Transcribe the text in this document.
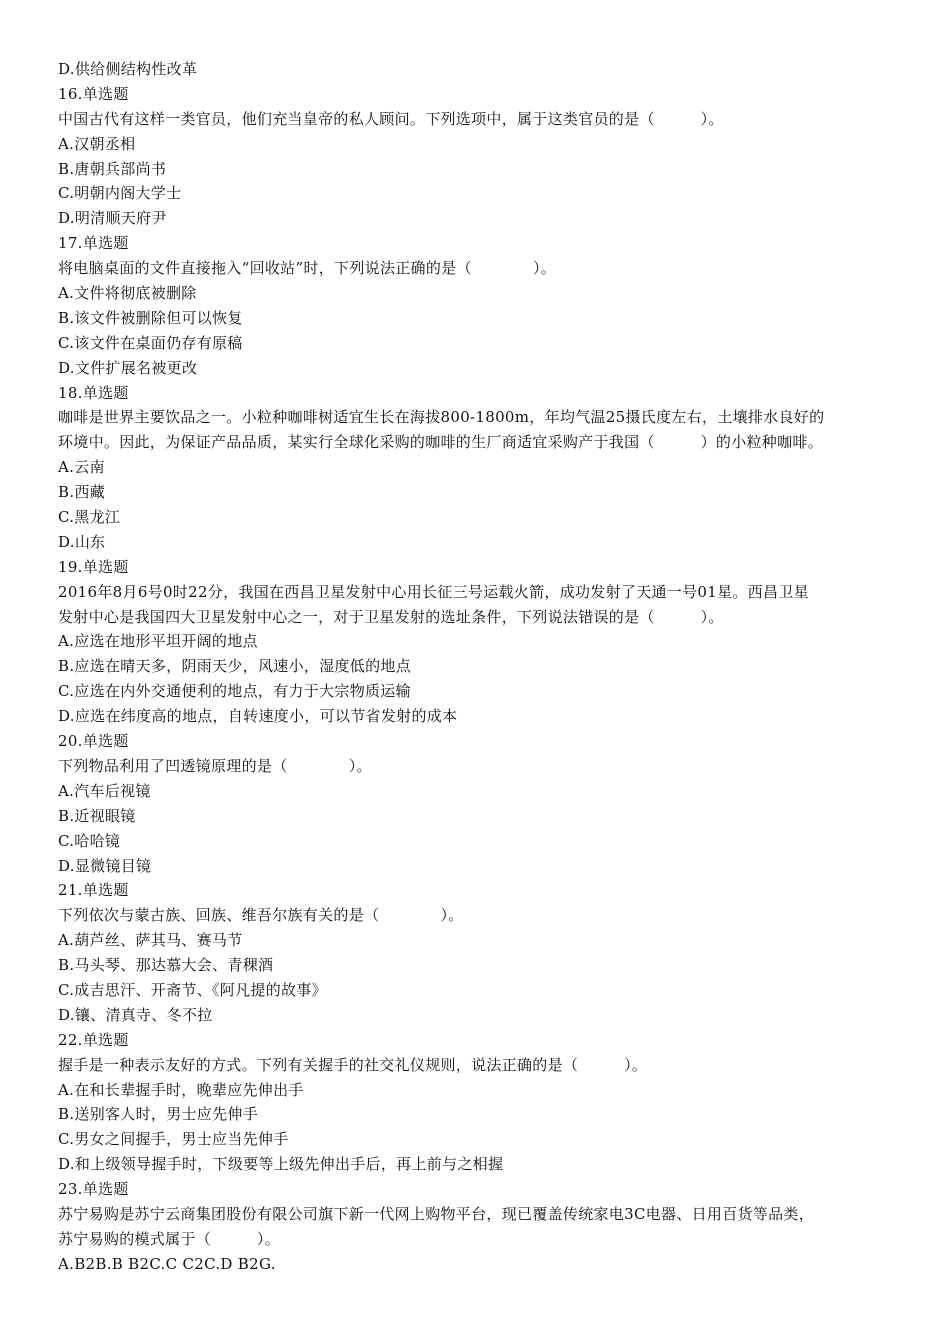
D.供给侧结构性改革
16.单选题
中国古代有这样一类官员，他们充当皇帝的私人顾问。下列选项中，属于这类官员的是（　　　）。
A.汉朝丞相
B.唐朝兵部尚书
C.明朝内阁大学士
D.明清顺天府尹
17.单选题
将电脑桌面的文件直接拖入“回收站”时，下列说法正确的是（　　　　）。
A.文件将彻底被删除
B.该文件被删除但可以恢复
C.该文件在桌面仍存有原稿
D.文件扩展名被更改
18.单选题
咖啡是世界主要饮品之一。小粒种咖啡树适宜生长在海拔800-1800m，年均气温25摄氏度左右，土壤排水良好的
环境中。因此，为保证产品品质，某实行全球化采购的咖啡的生厂商适宜采购产于我国（　　　）的小粒种咖啡。
A.云南
B.西藏
C.黑龙江
D.山东
19.单选题
2016年8月6号0时22分，我国在西昌卫星发射中心用长征三号运载火箭，成功发射了天通一号01星。西昌卫星
发射中心是我国四大卫星发射中心之一，对于卫星发射的选址条件，下列说法错误的是（　　　）。
A.应选在地形平坦开阔的地点
B.应选在晴天多，阴雨天少，风速小，湿度低的地点
C.应选在内外交通便利的地点，有力于大宗物质运输
D.应选在纬度高的地点，自转速度小，可以节省发射的成本
20.单选题
下列物品利用了凹透镜原理的是（　　　　）。
A.汽车后视镜
B.近视眼镜
C.哈哈镜
D.显微镜目镜
21.单选题
下列依次与蒙古族、回族、维吾尔族有关的是（　　　　）。
A.葫芦丝、萨其马、赛马节
B.马头琴、那达慕大会、青稞酒
C.成吉思汗、开斋节、《阿凡提的故事》
D.镶、清真寺、冬不拉
22.单选题
握手是一种表示友好的方式。下列有关握手的社交礼仪规则，说法正确的是（　　　）。
A.在和长辈握手时，晚辈应先伸出手
B.送别客人时，男士应先伸手
C.男女之间握手，男士应当先伸手
D.和上级领导握手时，下级要等上级先伸出手后，再上前与之相握
23.单选题
苏宁易购是苏宁云商集团股份有限公司旗下新一代网上购物平台，现已覆盖传统家电3C电器、日用百货等品类，
苏宁易购的模式属于（　　　）。
A.B2B.B B2C.C C2C.D B2G.
